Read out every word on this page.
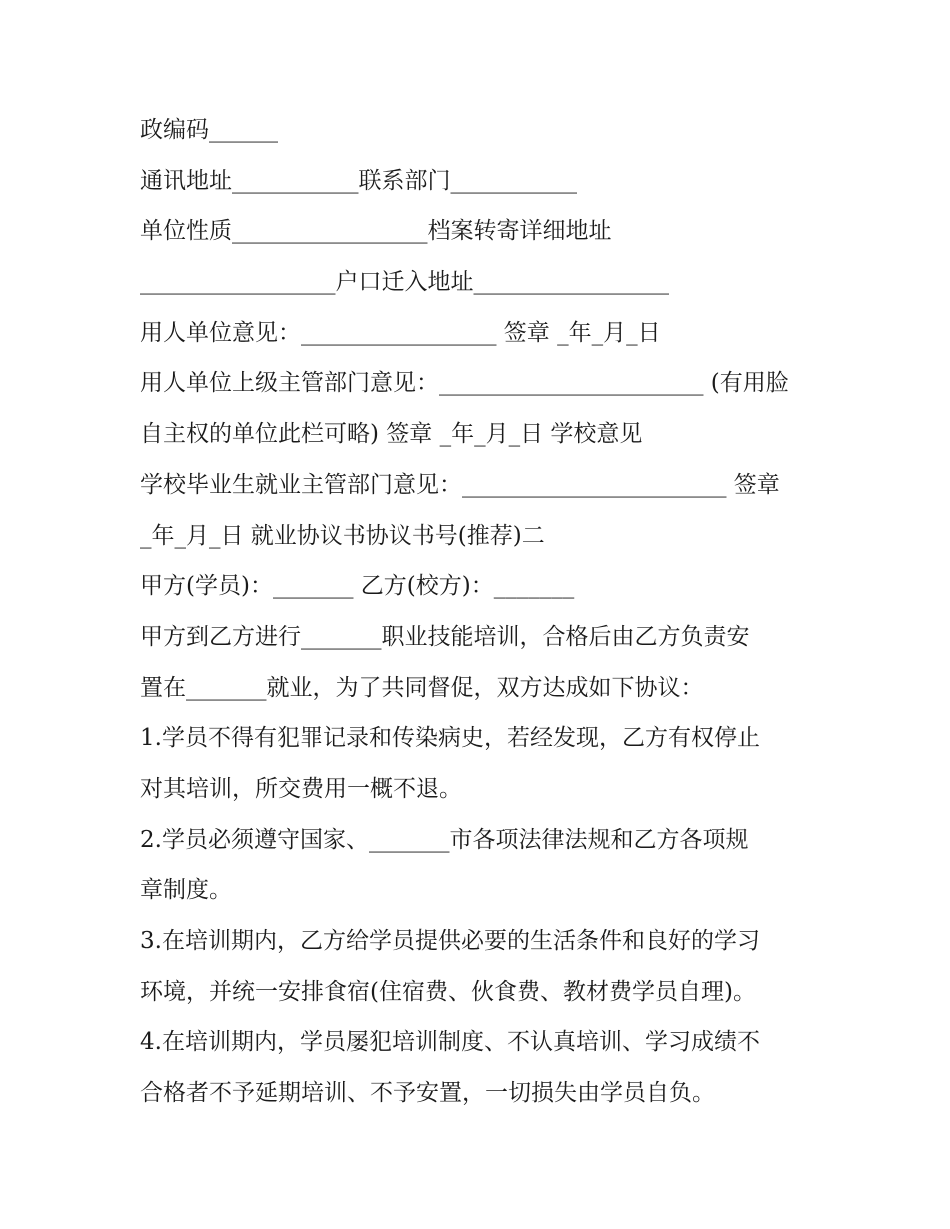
政编码______
通讯地址___________联系部门___________
单位性质_________________档案转寄详细地址
_________________户口迁入地址_________________
用人单位意见：_________________ 签章 _年_月_日
用人单位上级主管部门意见：_______________________ (有用脸
自主权的单位此栏可略) 签章 _年_月_日 学校意见
学校毕业生就业主管部门意见：_______________________ 签章
_年_月_日 就业协议书协议书号(推荐)二
甲方(学员)：_______ 乙方(校方)：_______
甲方到乙方进行_______职业技能培训，合格后由乙方负责安
置在_______就业，为了共同督促，双方达成如下协议：
1.学员不得有犯罪记录和传染病史，若经发现，乙方有权停止
对其培训，所交费用一概不退。
2.学员必须遵守国家、_______市各项法律法规和乙方各项规
章制度。
3.在培训期内，乙方给学员提供必要的生活条件和良好的学习
环境，并统一安排食宿(住宿费、伙食费、教材费学员自理)。
4.在培训期内，学员屡犯培训制度、不认真培训、学习成绩不
合格者不予延期培训、不予安置，一切损失由学员自负。
